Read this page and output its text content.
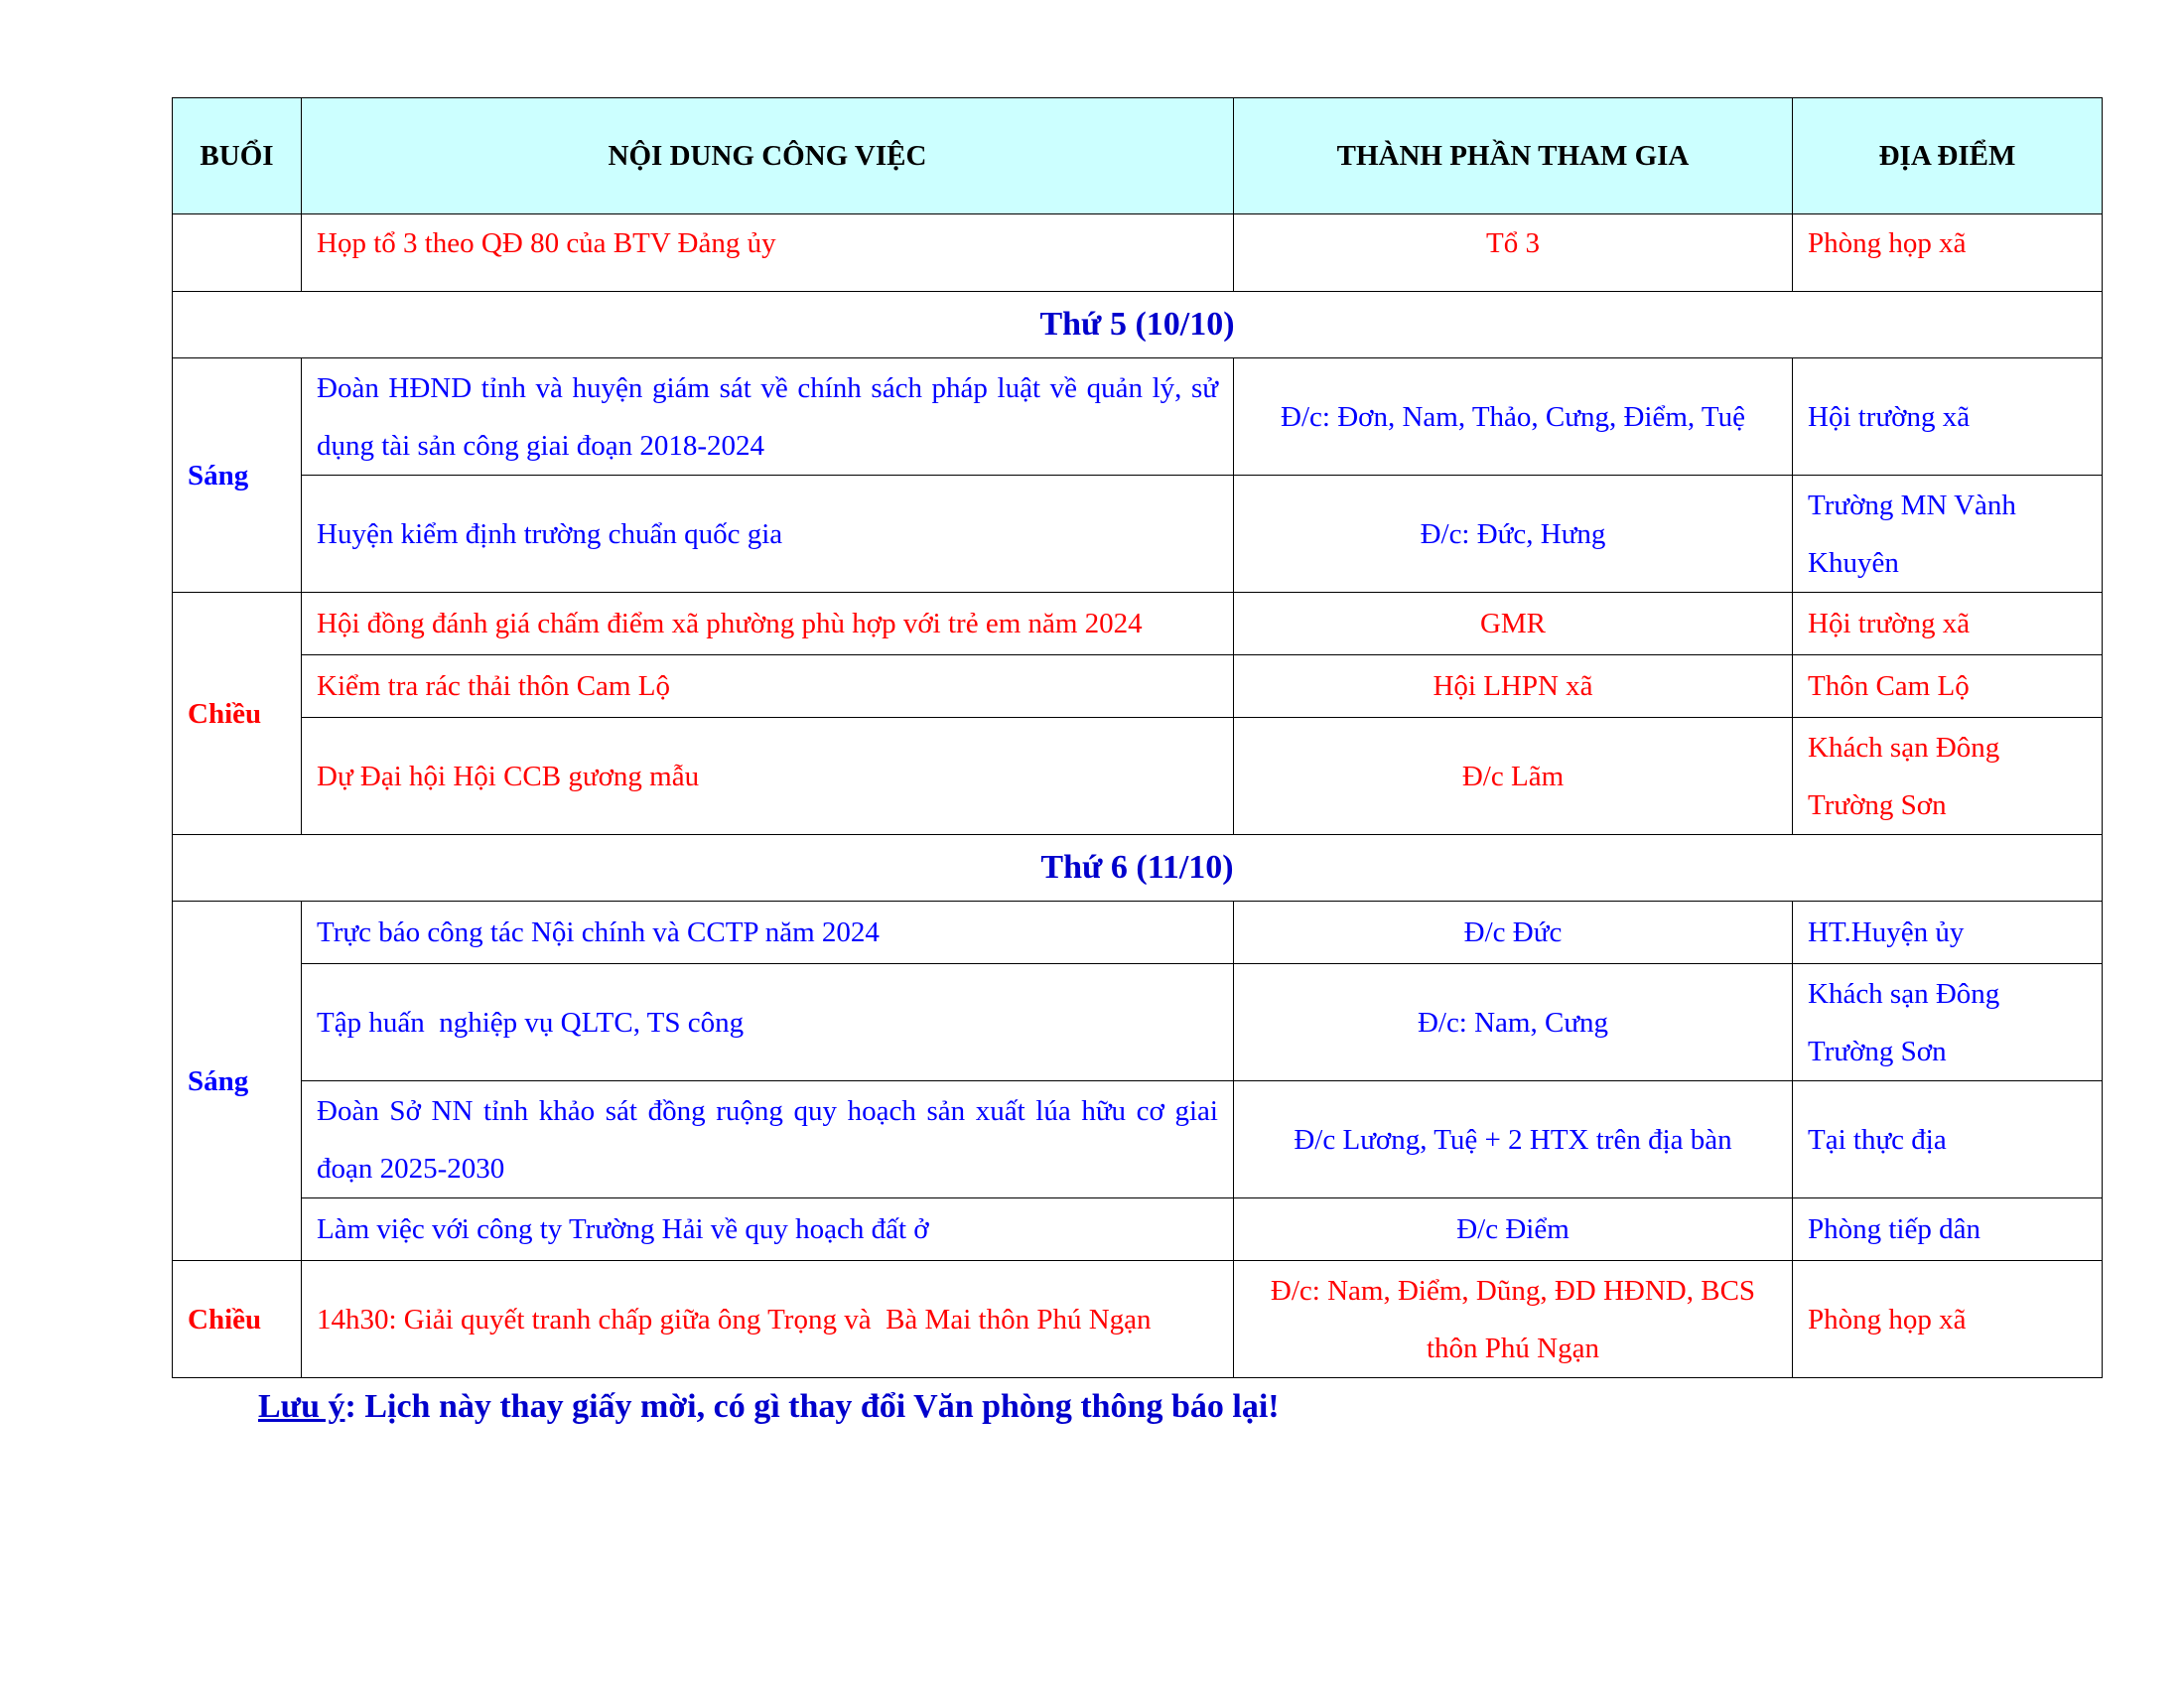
BUỔI	NỘI DUNG CÔNG VIỆC	THÀNH PHẦN THAM GIA	ĐỊA ĐIỂM
	Họp tổ 3 theo QĐ 80 của BTV Đảng ủy	Tổ 3	Phòng họp xã
Thứ 5 (10/10)			
Sáng	Đoàn HĐND tỉnh và huyện giám sát về chính sách pháp luật về quản lý, sử dụng tài sản công giai đoạn 2018-2024	Đ/c: Đơn, Nam, Thảo, Cưng, Điểm, Tuệ	Hội trường xã
	Huyện kiểm định trường chuẩn quốc gia	Đ/c: Đức, Hưng	Trường MN Vành Khuyên
Chiều	Hội đồng đánh giá chấm điểm xã phường phù hợp với trẻ em năm 2024	GMR	Hội trường xã
	Kiểm tra rác thải thôn Cam Lộ	Hội LHPN xã	Thôn Cam Lộ
	Dự Đại hội Hội CCB gương mẫu	Đ/c Lãm	Khách sạn Đông Trường Sơn
Thứ 6 (11/10)			
Sáng	Trực báo công tác Nội chính và CCTP năm 2024	Đ/c Đức	HT.Huyện ủy
	Tập huấn  nghiệp vụ QLTC, TS công	Đ/c: Nam, Cưng	Khách sạn Đông Trường Sơn
	Đoàn Sở NN tỉnh khảo sát đồng ruộng quy hoạch sản xuất lúa hữu cơ giai đoạn 2025-2030	Đ/c Lương, Tuệ + 2 HTX trên địa bàn	Tại thực địa
	Làm việc với công ty Trường Hải về quy hoạch đất ở	Đ/c Điểm	Phòng tiếp dân
Chiều	14h30: Giải quyết tranh chấp giữa ông Trọng và  Bà Mai thôn Phú Ngạn	Đ/c: Nam, Điểm, Dũng, ĐD HĐND, BCS thôn Phú Ngạn	Phòng họp xã
Lưu ý: Lịch này thay giấy mời, có gì thay đổi Văn phòng thông báo lại!
